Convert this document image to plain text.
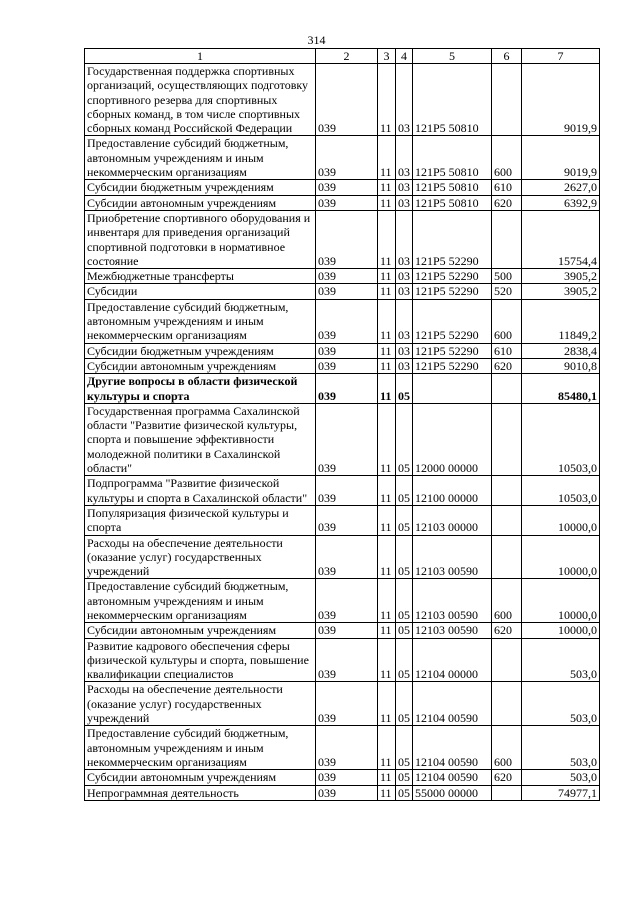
314
1	2	3	4	5	6	7
Государственная поддержка спортивных организаций, осуществляющих подготовку спортивного резерва для спортивных сборных команд, в том числе спортивных сборных команд Российской Федерации	039	11	03	121P5 50810		9019,9
Предоставление субсидий бюджетным, автономным учреждениям и иным некоммерческим организациям	039	11	03	121P5 50810	600	9019,9
Субсидии бюджетным учреждениям	039	11	03	121P5 50810	610	2627,0
Субсидии автономным учреждениям	039	11	03	121P5 50810	620	6392,9
Приобретение спортивного оборудования и инвентаря для приведения организаций спортивной подготовки в нормативное состояние	039	11	03	121P5 52290		15754,4
Межбюджетные трансферты	039	11	03	121P5 52290	500	3905,2
Субсидии	039	11	03	121P5 52290	520	3905,2
Предоставление субсидий бюджетным, автономным учреждениям и иным некоммерческим организациям	039	11	03	121P5 52290	600	11849,2
Субсидии бюджетным учреждениям	039	11	03	121P5 52290	610	2838,4
Субсидии автономным учреждениям	039	11	03	121P5 52290	620	9010,8
Другие вопросы в области физической культуры и спорта	039	11	05			85480,1
Государственная программа Сахалинской области "Развитие физической культуры, спорта и повышение эффективности молодежной политики в Сахалинской области"	039	11	05	12000 00000		10503,0
Подпрограмма "Развитие физической культуры и спорта в Сахалинской области"	039	11	05	12100 00000		10503,0
Популяризация физической культуры и спорта	039	11	05	12103 00000		10000,0
Расходы на обеспечение деятельности (оказание услуг) государственных учреждений	039	11	05	12103 00590		10000,0
Предоставление субсидий бюджетным, автономным учреждениям и иным некоммерческим организациям	039	11	05	12103 00590	600	10000,0
Субсидии автономным учреждениям	039	11	05	12103 00590	620	10000,0
Развитие кадрового обеспечения сферы физической культуры и спорта, повышение квалификации специалистов	039	11	05	12104 00000		503,0
Расходы на обеспечение деятельности (оказание услуг) государственных учреждений	039	11	05	12104 00590		503,0
Предоставление субсидий бюджетным, автономным учреждениям и иным некоммерческим организациям	039	11	05	12104 00590	600	503,0
Субсидии автономным учреждениям	039	11	05	12104 00590	620	503,0
Непрограммная деятельность	039	11	05	55000 00000		74977,1
